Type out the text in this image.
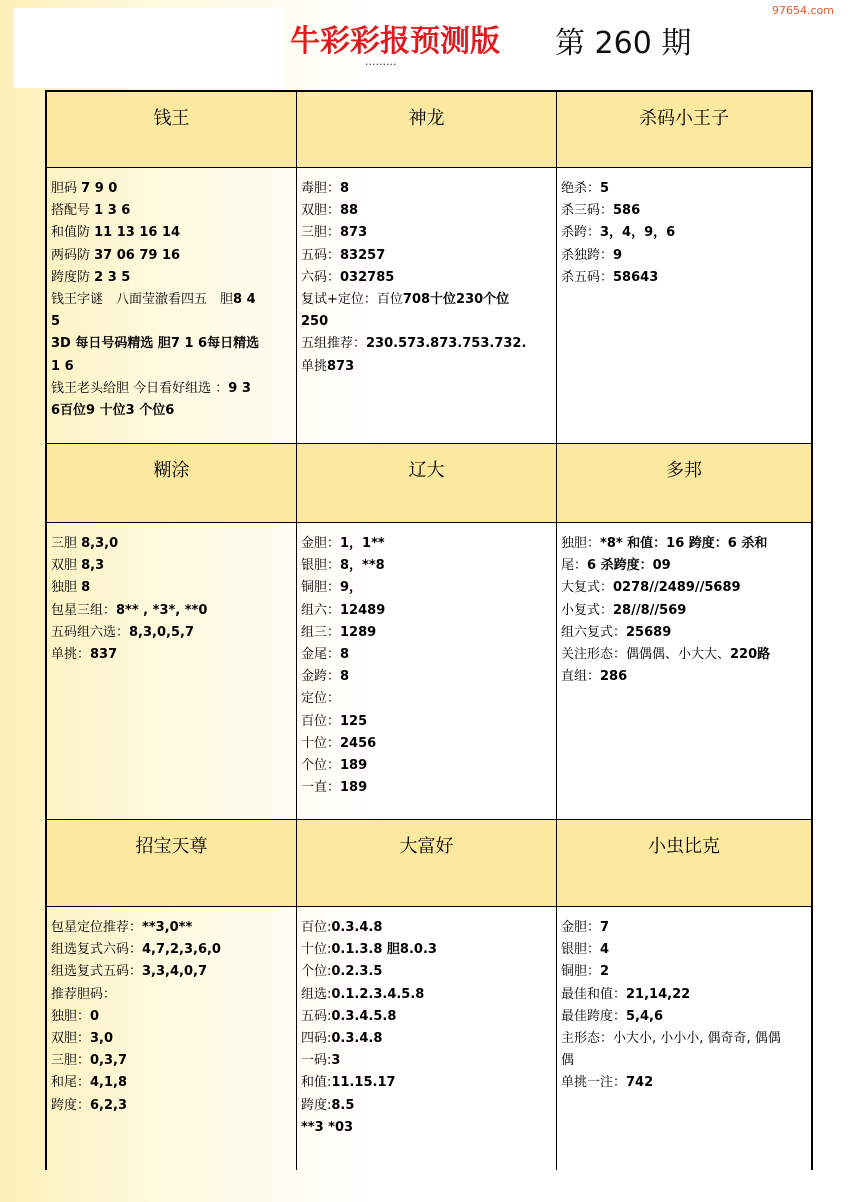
97654.com
牛彩彩报预测版 第 260 期
·········
钱王	神龙	杀码小王子
胆码 7 9 0
搭配号 1 3 6
和值防 11 13 16 14
两码防 37 06 79 16
跨度防 2 3 5
钱王字谜　八面莹澈看四五　胆8 4
5
3D 每日号码精选 胆7 1 6每日精选
1 6
钱王老头给胆 今日看好组选 ：9 3
6百位9 十位3 个位6
毒胆：8
双胆：88
三胆：873
五码：83257
六码：032785
复试+定位：百位708十位230个位
250
五组推荐：230.573.873.753.732.
单挑873
绝杀：5
杀三码：586
杀跨：3，4，9，6
杀独跨：9
杀五码：58643
糊涂	辽大	多邦
三胆 8,3,0
双胆 8,3
独胆 8
包星三组：8** , *3*, **0
五码组六选：8,3,0,5,7
单挑：837
金胆：1，1**
银胆：8，**8
铜胆：9，
组六：12489
组三：1289
金尾：8
金跨：8
定位：
百位：125
十位：2456
个位：189
一直：189
独胆：*8* 和值：16 跨度：6 杀和
尾：6 杀跨度：09
大复式：0278//2489//5689
小复式：28//8//569
组六复式：25689
关注形态：偶偶偶、小大大、220路
直组：286
招宝天尊	大富好	小虫比克
包星定位推荐：**3,0**
组选复式六码：4,7,2,3,6,0
组选复式五码：3,3,4,0,7
推荐胆码：
独胆：0
双胆：3,0
三胆：0,3,7
和尾：4,1,8
跨度：6,2,3
百位:0.3.4.8
十位:0.1.3.8 胆8.0.3
个位:0.2.3.5
组选:0.1.2.3.4.5.8
五码:0.3.4.5.8
四码:0.3.4.8
一码:3
和值:11.15.17
跨度:8.5
**3 *03
金胆：7
银胆：4
铜胆：2
最佳和值：21,14,22
最佳跨度：5,4,6
主形态：小大小, 小小小, 偶奇奇, 偶偶
偶
单挑一注：742
